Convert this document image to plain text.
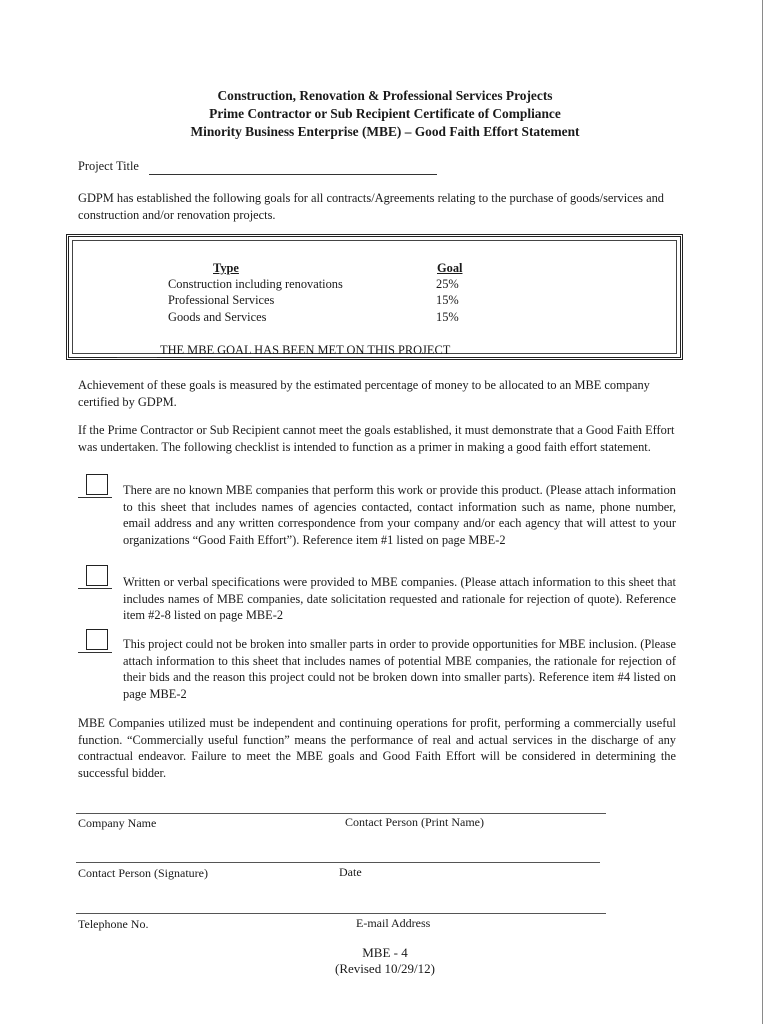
Construction, Renovation & Professional Services Projects
Prime Contractor or Sub Recipient Certificate of Compliance
Minority Business Enterprise (MBE) – Good Faith Effort Statement
Project Title
GDPM has established the following goals for all contracts/Agreements relating to the purchase of goods/services and construction and/or renovation projects.
Type	Goal
Construction including renovations	25%
Professional Services	15%
Goods and Services	15%
THE MBE GOAL HAS BEEN MET ON THIS PROJECT
Achievement of these goals is measured by the estimated percentage of money to be allocated to an MBE company certified by GDPM.
If the Prime Contractor or Sub Recipient cannot meet the goals established, it must demonstrate that a Good Faith Effort was undertaken. The following checklist is intended to function as a primer in making a good faith effort statement.
There are no known MBE companies that perform this work or provide this product. (Please attach information to this sheet that includes names of agencies contacted, contact information such as name, phone number, email address and any written correspondence from your company and/or each agency that will attest to your organizations “Good Faith Effort”). Reference item #1 listed on page MBE-2
Written or verbal specifications were provided to MBE companies. (Please attach information to this sheet that includes names of MBE companies, date solicitation requested and rationale for rejection of quote). Reference item #2-8 listed on page MBE-2
This project could not be broken into smaller parts in order to provide opportunities for MBE inclusion. (Please attach information to this sheet that includes names of potential MBE companies, the rationale for rejection of their bids and the reason this project could not be broken down into smaller parts). Reference item #4 listed on page MBE-2
MBE Companies utilized must be independent and continuing operations for profit, performing a commercially useful function. “Commercially useful function” means the performance of real and actual services in the discharge of any contractual endeavor. Failure to meet the MBE goals and Good Faith Effort will be considered in determining the successful bidder.
Company Name	Contact Person (Print Name)
Contact Person (Signature)	Date
Telephone No.	E-mail Address
MBE - 4
(Revised 10/29/12)
